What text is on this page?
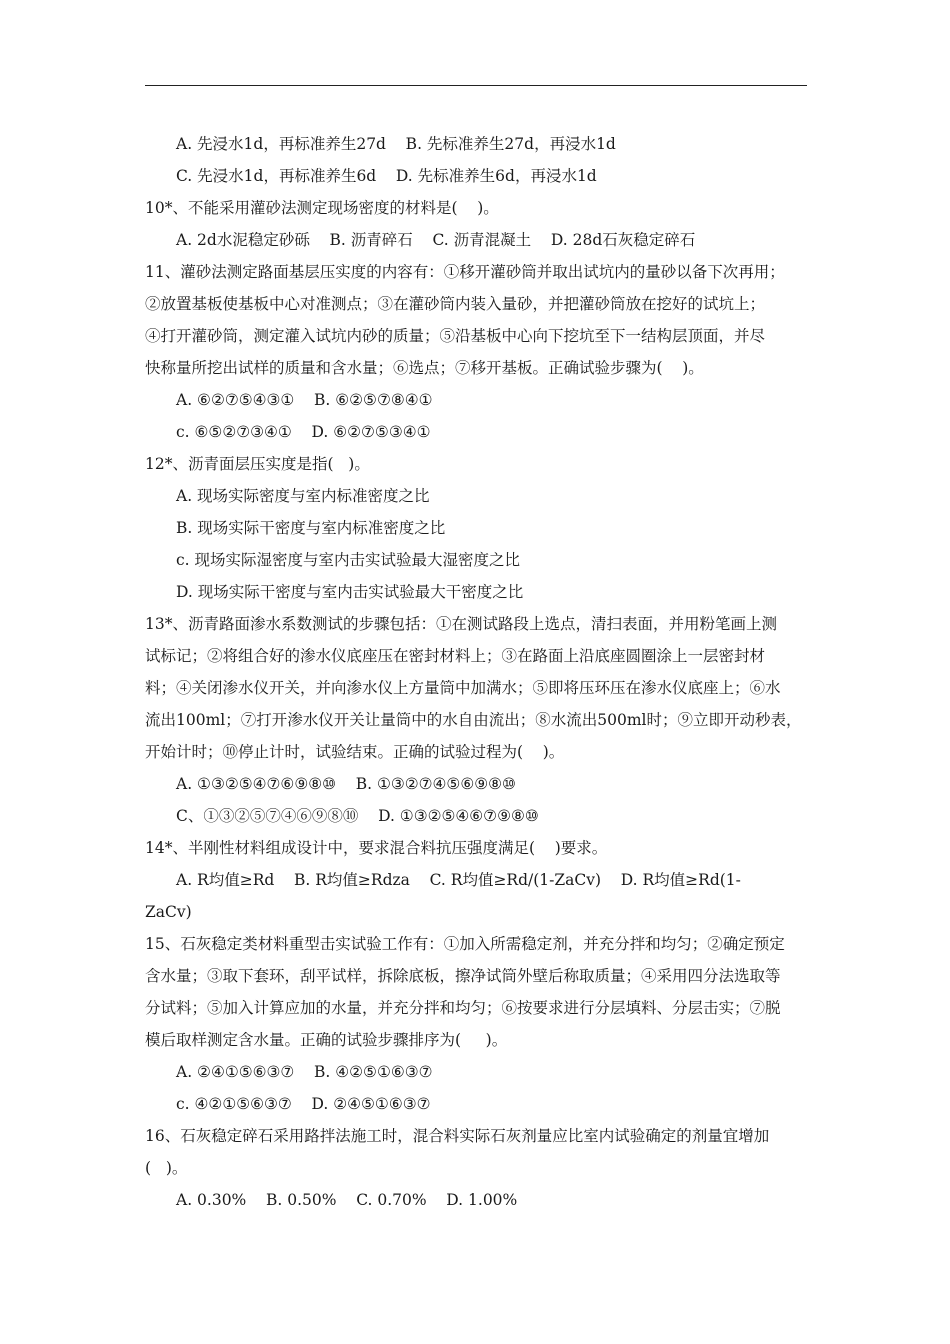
A. 先浸水1d，再标准养生27d    B. 先标准养生27d，再浸水1d
C. 先浸水1d，再标准养生6d    D. 先标准养生6d，再浸水1d
10*、不能采用灌砂法测定现场密度的材料是(    )。
A. 2d水泥稳定砂砾    B. 沥青碎石    C. 沥青混凝土    D. 28d石灰稳定碎石
11、灌砂法测定路面基层压实度的内容有：①移开灌砂筒并取出试坑内的量砂以备下次再用；
②放置基板使基板中心对准测点；③在灌砂筒内装入量砂，并把灌砂筒放在挖好的试坑上；
④打开灌砂筒，测定灌入试坑内砂的质量；⑤沿基板中心向下挖坑至下一结构层顶面，并尽
快称量所挖出试样的质量和含水量；⑥选点；⑦移开基板。正确试验步骤为(    )。
A. ⑥②⑦⑤④③①    B. ⑥②⑤⑦⑧④①
c. ⑥⑤②⑦③④①    D. ⑥②⑦⑤③④①
12*、沥青面层压实度是指(   )。
A. 现场实际密度与室内标准密度之比
B. 现场实际干密度与室内标准密度之比
c. 现场实际湿密度与室内击实试验最大湿密度之比
D. 现场实际干密度与室内击实试验最大干密度之比
13*、沥青路面渗水系数测试的步骤包括：①在测试路段上选点，清扫表面，并用粉笔画上测
试标记；②将组合好的渗水仪底座压在密封材料上；③在路面上沿底座圆圈涂上一层密封材
料；④关闭渗水仪开关，并向渗水仪上方量筒中加满水；⑤即将压环压在渗水仪底座上；⑥水
流出100ml；⑦打开渗水仪开关让量筒中的水自由流出；⑧水流出500ml时；⑨立即开动秒表，
开始计时；⑩停止计时，试验结束。正确的试验过程为(    )。
A. ①③②⑤④⑦⑥⑨⑧⑩    B. ①③②⑦④⑤⑥⑨⑧⑩
C、①③②⑤⑦④⑥⑨⑧⑩    D. ①③②⑤④⑥⑦⑨⑧⑩
14*、半刚性材料组成设计中，要求混合料抗压强度满足(    )要求。
A. R均值≥Rd    B. R均值≥Rdza    C. R均值≥Rd/(1-ZaCv)    D. R均值≥Rd(1-
ZaCv)
15、石灰稳定类材料重型击实试验工作有：①加入所需稳定剂，并充分拌和均匀；②确定预定
含水量；③取下套环，刮平试样，拆除底板，擦净试筒外壁后称取质量；④采用四分法选取等
分试料；⑤加入计算应加的水量，并充分拌和均匀；⑥按要求进行分层填料、分层击实；⑦脱
模后取样测定含水量。正确的试验步骤排序为(     )。
A. ②④①⑤⑥③⑦    B. ④②⑤①⑥③⑦
c. ④②①⑤⑥③⑦    D. ②④⑤①⑥③⑦
16、石灰稳定碎石采用路拌法施工时，混合料实际石灰剂量应比室内试验确定的剂量宜增加
(   )。
A. 0.30%    B. 0.50%    C. 0.70%    D. 1.00%
